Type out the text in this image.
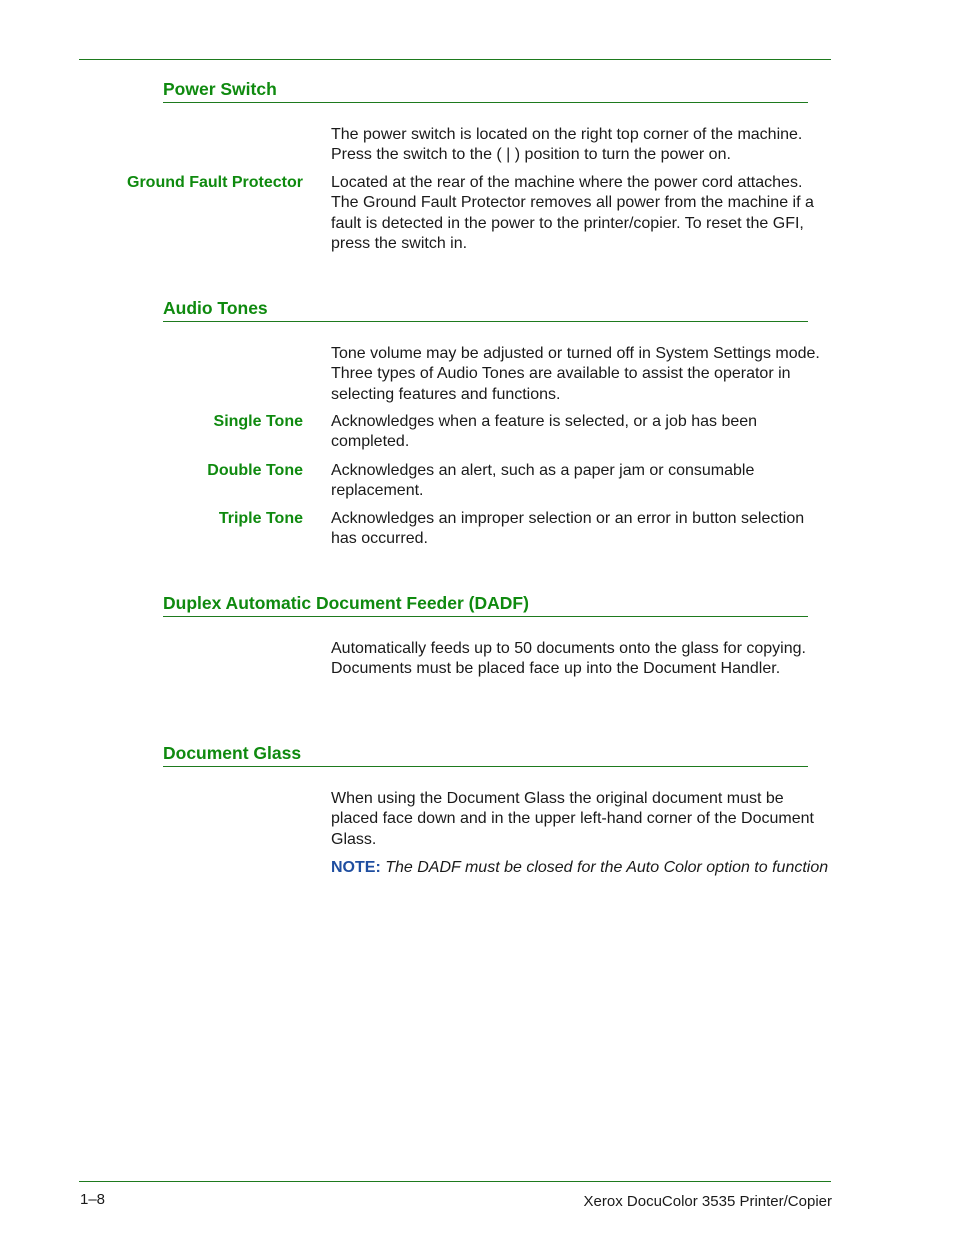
Power Switch
The power switch is located on the right top corner of the machine. Press the switch to the ( | ) position to turn the power on.
Ground Fault Protector Located at the rear of the machine where the power cord attaches. The Ground Fault Protector removes all power from the machine if a fault is detected in the power to the printer/copier. To reset the GFI, press the switch in.
Audio Tones
Tone volume may be adjusted or turned off in System Settings mode. Three types of Audio Tones are available to assist the operator in selecting features and functions.
Single Tone Acknowledges when a feature is selected, or a job has been completed.
Double Tone Acknowledges an alert, such as a paper jam or consumable replacement.
Triple Tone Acknowledges an improper selection or an error in button selection has occurred.
Duplex Automatic Document Feeder (DADF)
Automatically feeds up to 50 documents onto the glass for copying. Documents must be placed face up into the Document Handler.
Document Glass
When using the Document Glass the original document must be placed face down and in the upper left-hand corner of the Document Glass.
NOTE: The DADF must be closed for the Auto Color option to function
1–8	Xerox DocuColor 3535 Printer/Copier
